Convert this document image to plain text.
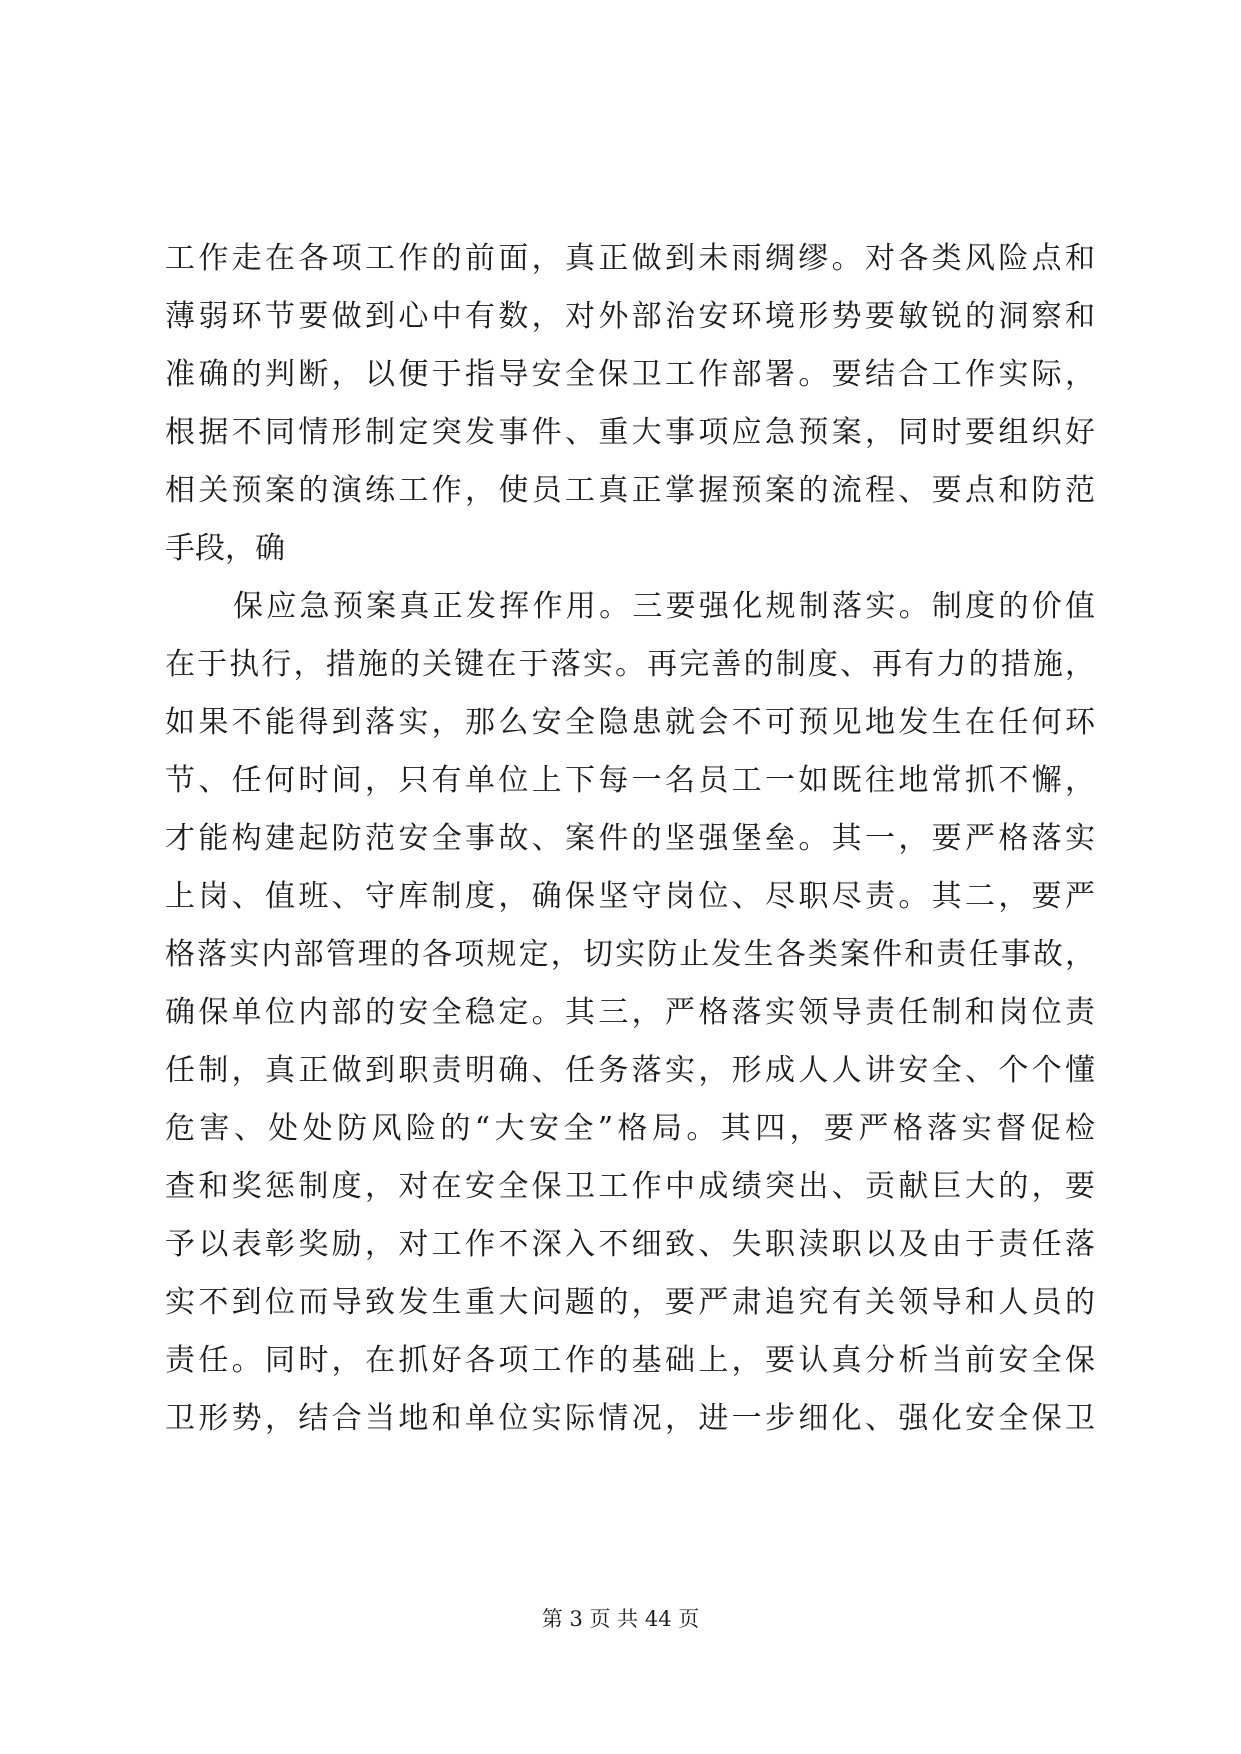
工作走在各项工作的前面，真正做到未雨绸缪。对各类风险点和
薄弱环节要做到心中有数，对外部治安环境形势要敏锐的洞察和
准确的判断，以便于指导安全保卫工作部署。要结合工作实际，
根据不同情形制定突发事件、重大事项应急预案，同时要组织好
相关预案的演练工作，使员工真正掌握预案的流程、要点和防范
手段，确
保应急预案真正发挥作用。三要强化规制落实。制度的价值
在于执行，措施的关键在于落实。再完善的制度、再有力的措施，
如果不能得到落实，那么安全隐患就会不可预见地发生在任何环
节、任何时间，只有单位上下每一名员工一如既往地常抓不懈，
才能构建起防范安全事故、案件的坚强堡垒。其一，要严格落实
上岗、值班、守库制度，确保坚守岗位、尽职尽责。其二，要严
格落实内部管理的各项规定，切实防止发生各类案件和责任事故，
确保单位内部的安全稳定。其三，严格落实领导责任制和岗位责
任制，真正做到职责明确、任务落实，形成人人讲安全、个个懂
危害、处处防风险的“大安全”格局。其四，要严格落实督促检
查和奖惩制度，对在安全保卫工作中成绩突出、贡献巨大的，要
予以表彰奖励，对工作不深入不细致、失职渎职以及由于责任落
实不到位而导致发生重大问题的，要严肃追究有关领导和人员的
责任。同时，在抓好各项工作的基础上，要认真分析当前安全保
卫形势，结合当地和单位实际情况，进一步细化、强化安全保卫
第 3 页 共 44 页
